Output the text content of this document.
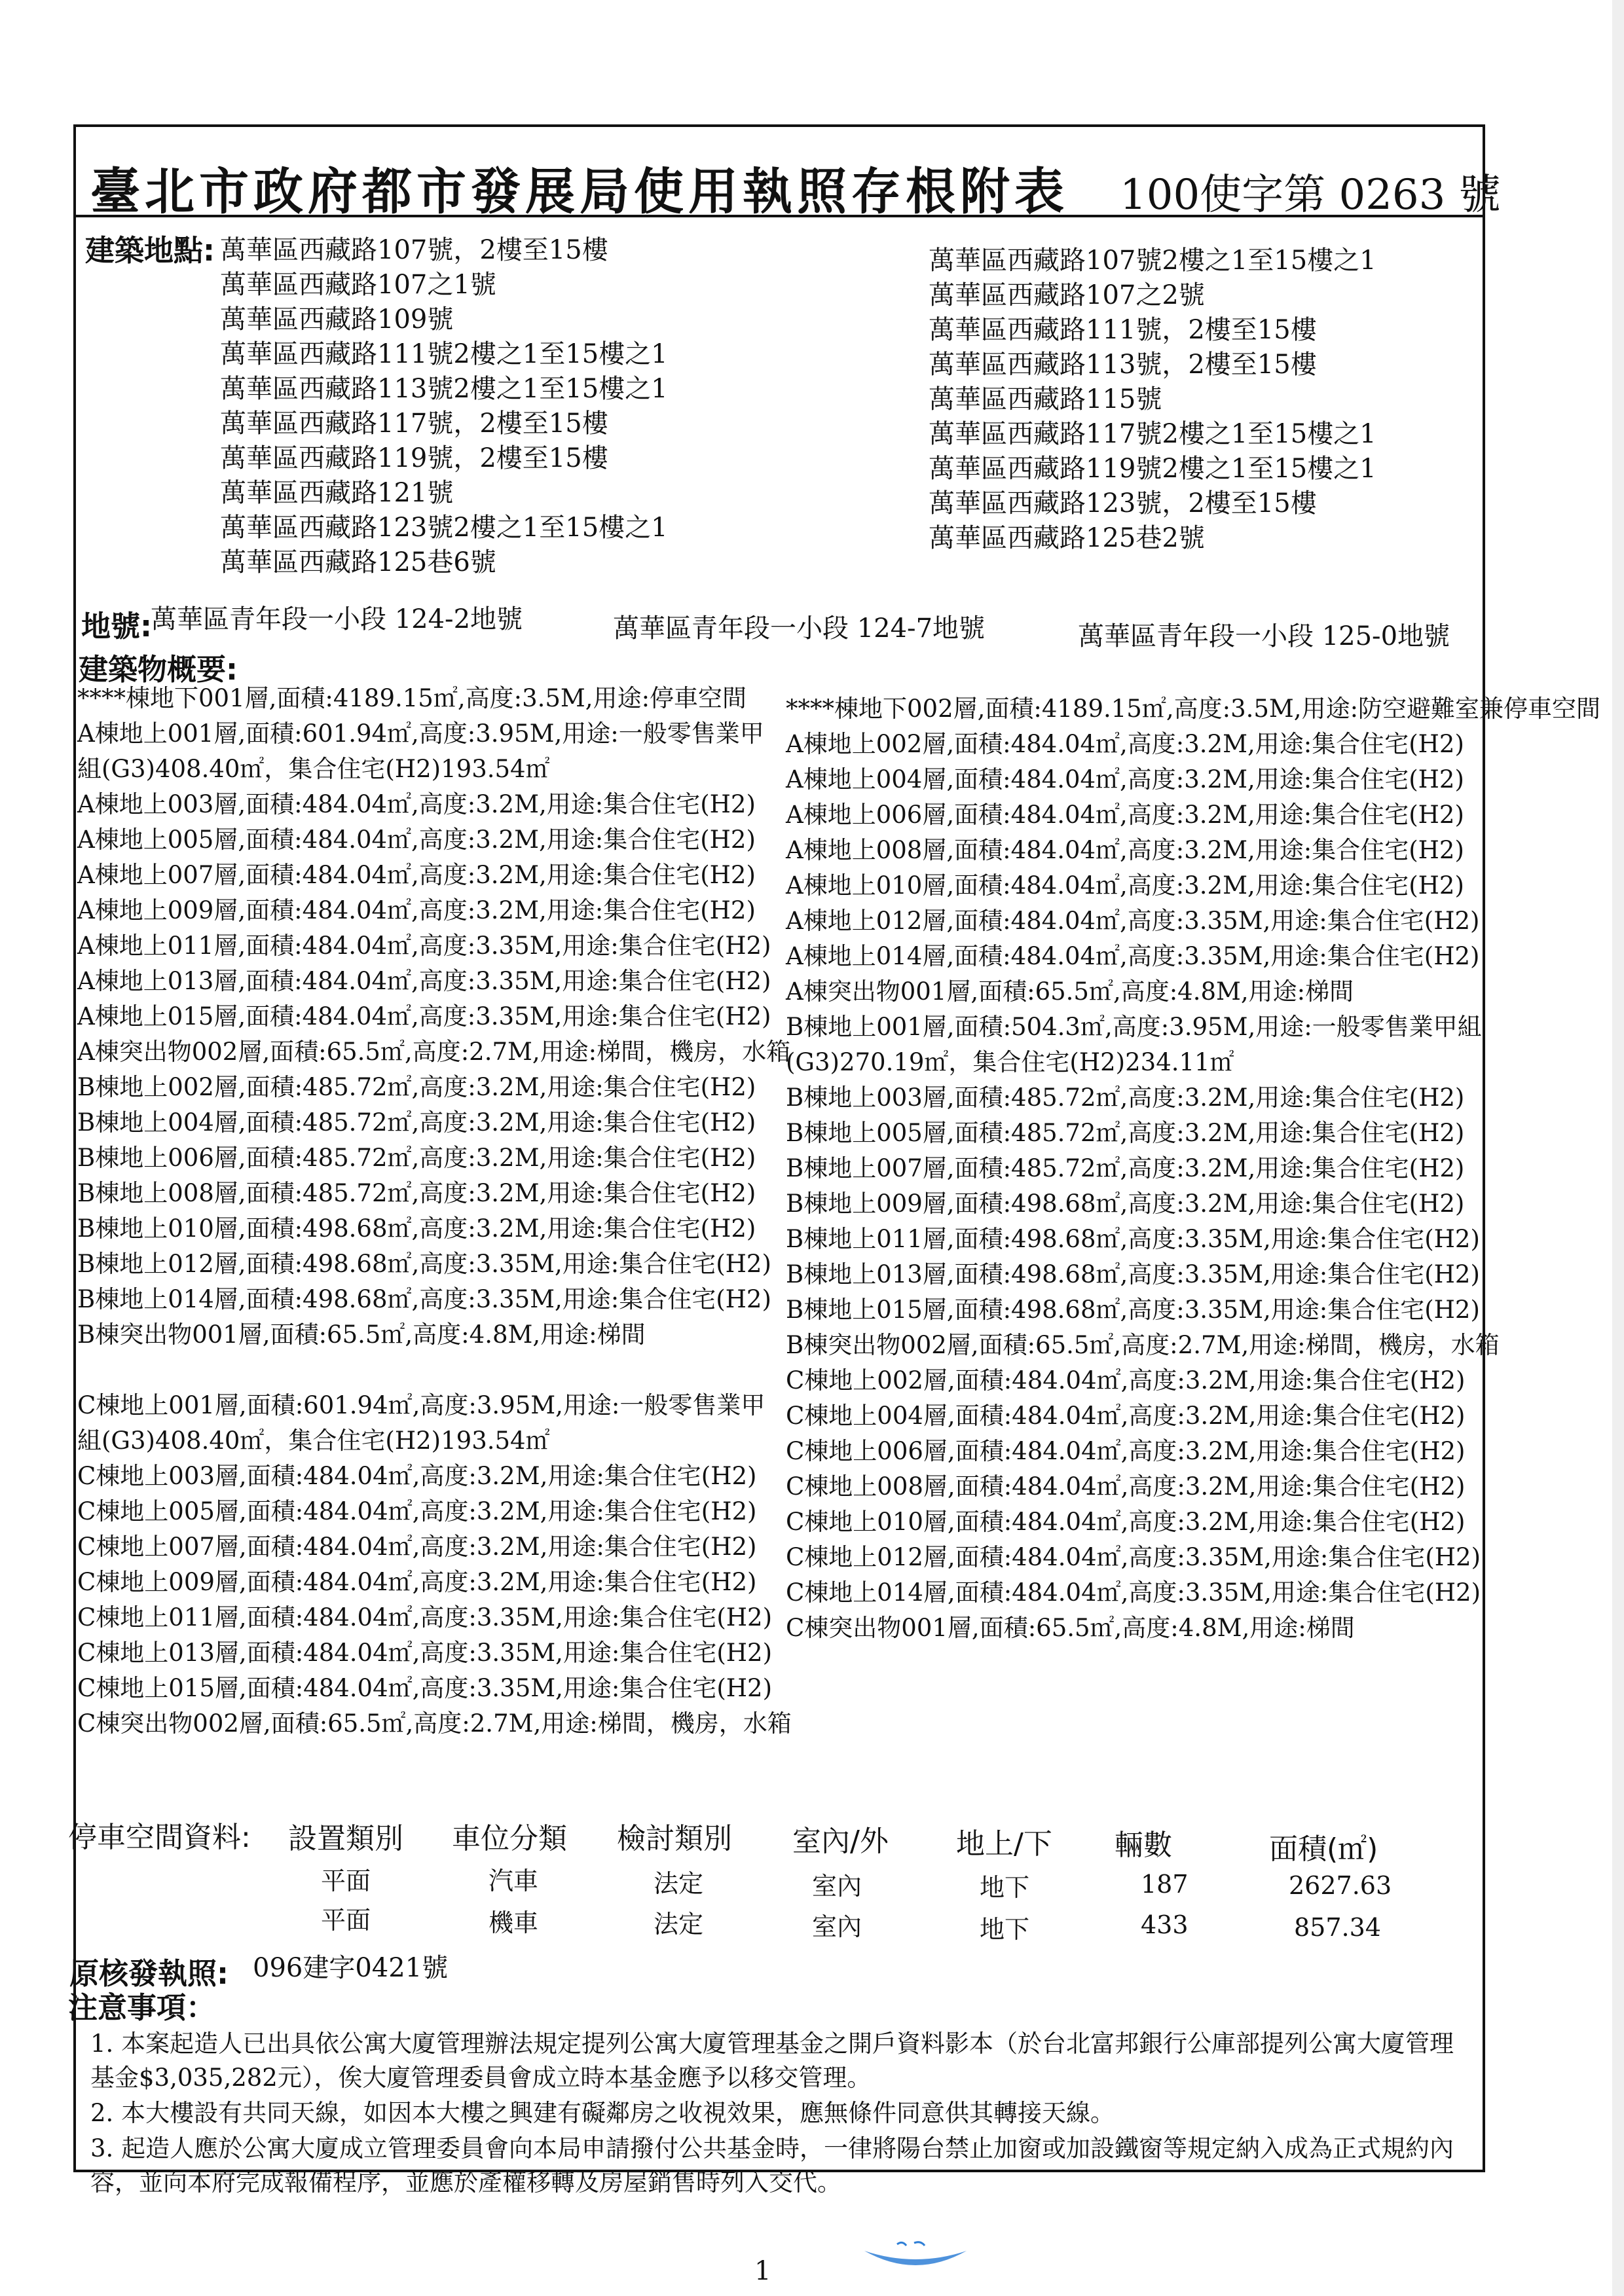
臺北市政府都市發展局使用執照存根附表 100使字第 0263 號
建築地點: 萬華區西藏路107號，2樓至15樓
萬華區西藏路107之1號
萬華區西藏路109號
萬華區西藏路111號2樓之1至15樓之1
萬華區西藏路113號2樓之1至15樓之1
萬華區西藏路117號，2樓至15樓
萬華區西藏路119號，2樓至15樓
萬華區西藏路121號
萬華區西藏路123號2樓之1至15樓之1
萬華區西藏路125巷6號
萬華區西藏路107號2樓之1至15樓之1
萬華區西藏路107之2號
萬華區西藏路111號，2樓至15樓
萬華區西藏路113號，2樓至15樓
萬華區西藏路115號
萬華區西藏路117號2樓之1至15樓之1
萬華區西藏路119號2樓之1至15樓之1
萬華區西藏路123號，2樓至15樓
萬華區西藏路125巷2號
地號:
萬華區青年段一小段 124-2地號	萬華區青年段一小段 124-7地號	萬華區青年段一小段 125-0地號
建築物概要:
****棟地下001層,面積:4189.15㎡,高度:3.5M,用途:停車空間
A棟地上001層,面積:601.94㎡,高度:3.95M,用途:一般零售業甲組(G3)408.40㎡，集合住宅(H2)193.54㎡
A棟地上003層,面積:484.04㎡,高度:3.2M,用途:集合住宅(H2)
A棟地上005層,面積:484.04㎡,高度:3.2M,用途:集合住宅(H2)
A棟地上007層,面積:484.04㎡,高度:3.2M,用途:集合住宅(H2)
A棟地上009層,面積:484.04㎡,高度:3.2M,用途:集合住宅(H2)
A棟地上011層,面積:484.04㎡,高度:3.35M,用途:集合住宅(H2)
A棟地上013層,面積:484.04㎡,高度:3.35M,用途:集合住宅(H2)
A棟地上015層,面積:484.04㎡,高度:3.35M,用途:集合住宅(H2)
A棟突出物002層,面積:65.5㎡,高度:2.7M,用途:梯間，機房，水箱
B棟地上002層,面積:485.72㎡,高度:3.2M,用途:集合住宅(H2)
B棟地上004層,面積:485.72㎡,高度:3.2M,用途:集合住宅(H2)
B棟地上006層,面積:485.72㎡,高度:3.2M,用途:集合住宅(H2)
B棟地上008層,面積:485.72㎡,高度:3.2M,用途:集合住宅(H2)
B棟地上010層,面積:498.68㎡,高度:3.2M,用途:集合住宅(H2)
B棟地上012層,面積:498.68㎡,高度:3.35M,用途:集合住宅(H2)
B棟地上014層,面積:498.68㎡,高度:3.35M,用途:集合住宅(H2)
B棟突出物001層,面積:65.5㎡,高度:4.8M,用途:梯間
C棟地上001層,面積:601.94㎡,高度:3.95M,用途:一般零售業甲組(G3)408.40㎡，集合住宅(H2)193.54㎡
C棟地上003層,面積:484.04㎡,高度:3.2M,用途:集合住宅(H2)
C棟地上005層,面積:484.04㎡,高度:3.2M,用途:集合住宅(H2)
C棟地上007層,面積:484.04㎡,高度:3.2M,用途:集合住宅(H2)
C棟地上009層,面積:484.04㎡,高度:3.2M,用途:集合住宅(H2)
C棟地上011層,面積:484.04㎡,高度:3.35M,用途:集合住宅(H2)
C棟地上013層,面積:484.04㎡,高度:3.35M,用途:集合住宅(H2)
C棟地上015層,面積:484.04㎡,高度:3.35M,用途:集合住宅(H2)
C棟突出物002層,面積:65.5㎡,高度:2.7M,用途:梯間，機房，水箱
****棟地下002層,面積:4189.15㎡,高度:3.5M,用途:防空避難室兼停車空間
A棟地上002層,面積:484.04㎡,高度:3.2M,用途:集合住宅(H2)
A棟地上004層,面積:484.04㎡,高度:3.2M,用途:集合住宅(H2)
A棟地上006層,面積:484.04㎡,高度:3.2M,用途:集合住宅(H2)
A棟地上008層,面積:484.04㎡,高度:3.2M,用途:集合住宅(H2)
A棟地上010層,面積:484.04㎡,高度:3.2M,用途:集合住宅(H2)
A棟地上012層,面積:484.04㎡,高度:3.35M,用途:集合住宅(H2)
A棟地上014層,面積:484.04㎡,高度:3.35M,用途:集合住宅(H2)
A棟突出物001層,面積:65.5㎡,高度:4.8M,用途:梯間
B棟地上001層,面積:504.3㎡,高度:3.95M,用途:一般零售業甲組(G3)270.19㎡，集合住宅(H2)234.11㎡
B棟地上003層,面積:485.72㎡,高度:3.2M,用途:集合住宅(H2)
B棟地上005層,面積:485.72㎡,高度:3.2M,用途:集合住宅(H2)
B棟地上007層,面積:485.72㎡,高度:3.2M,用途:集合住宅(H2)
B棟地上009層,面積:498.68㎡,高度:3.2M,用途:集合住宅(H2)
B棟地上011層,面積:498.68㎡,高度:3.35M,用途:集合住宅(H2)
B棟地上013層,面積:498.68㎡,高度:3.35M,用途:集合住宅(H2)
B棟地上015層,面積:498.68㎡,高度:3.35M,用途:集合住宅(H2)
B棟突出物002層,面積:65.5㎡,高度:2.7M,用途:梯間，機房，水箱
C棟地上002層,面積:484.04㎡,高度:3.2M,用途:集合住宅(H2)
C棟地上004層,面積:484.04㎡,高度:3.2M,用途:集合住宅(H2)
C棟地上006層,面積:484.04㎡,高度:3.2M,用途:集合住宅(H2)
C棟地上008層,面積:484.04㎡,高度:3.2M,用途:集合住宅(H2)
C棟地上010層,面積:484.04㎡,高度:3.2M,用途:集合住宅(H2)
C棟地上012層,面積:484.04㎡,高度:3.35M,用途:集合住宅(H2)
C棟地上014層,面積:484.04㎡,高度:3.35M,用途:集合住宅(H2)
C棟突出物001層,面積:65.5㎡,高度:4.8M,用途:梯間
停車空間資料: 設置類別 車位分類 檢討類別 室內/外 地上/下 輛數	面積(㎡)
平面	汽車	法定	室內	地下	187	2627.63
平面	機車	法定	室內	地下	433	857.34
原核發執照: 096建字0421號
注意事項：
1. 本案起造人已出具依公寓大廈管理辦法規定提列公寓大廈管理基金之開戶資料影本（於台北富邦銀行公庫部提列公寓大廈管理基金$3,035,282元），俟大廈管理委員會成立時本基金應予以移交管理。
2. 本大樓設有共同天線，如因本大樓之興建有礙鄰房之收視效果，應無條件同意供其轉接天線。
3. 起造人應於公寓大廈成立管理委員會向本局申請撥付公共基金時，一律將陽台禁止加窗或加設鐵窗等規定納入成為正式規約內容，並向本府完成報備程序，並應於產權移轉及房屋銷售時列入交代。
1
